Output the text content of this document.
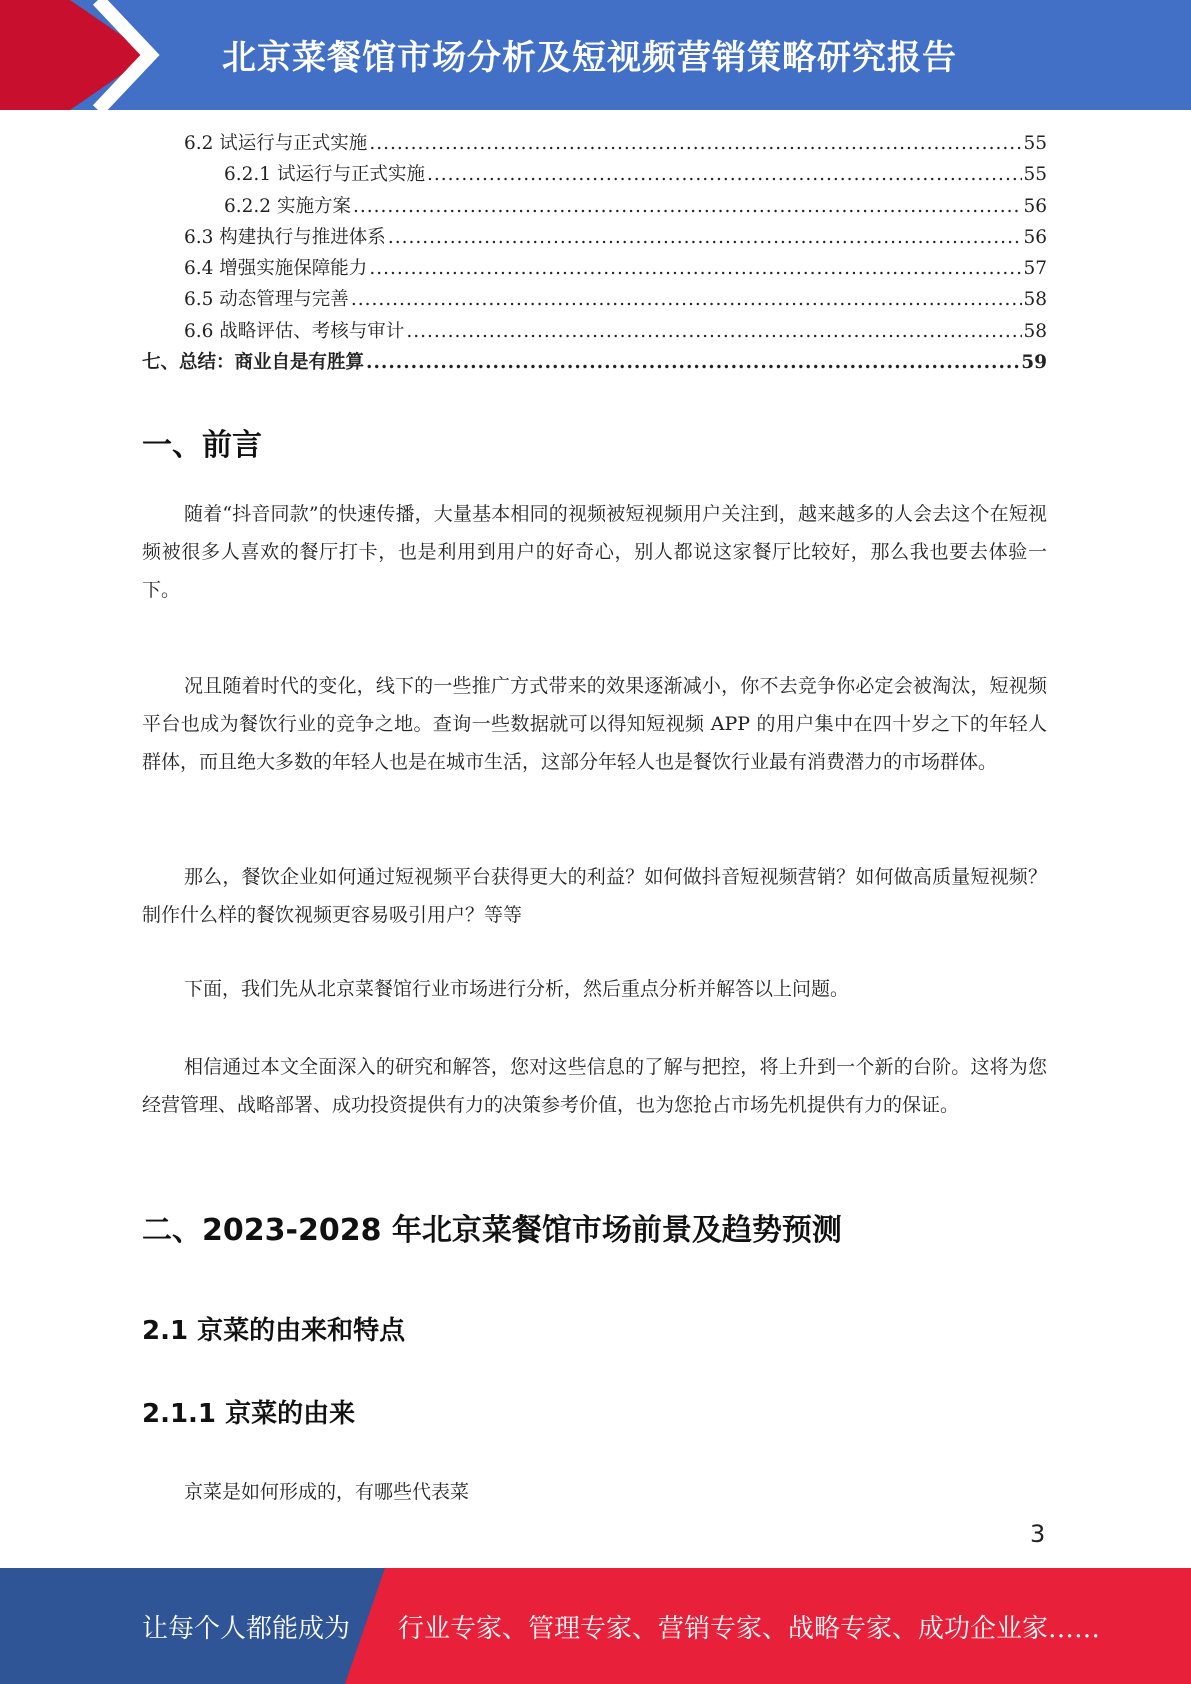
北京菜餐馆市场分析及短视频营销策略研究报告
6.2 试运行与正式实施 .....	55
6.2.1 试运行与正式实施 .....	55
6.2.2 实施方案 .....	56
6.3 构建执行与推进体系 .....	56
6.4 增强实施保障能力 .....	57
6.5 动态管理与完善 .....	58
6.6 战略评估、考核与审计 .....	58
七、总结：商业自是有胜算 .....	59
一、前言

随着“抖音同款”的快速传播，大量基本相同的视频被短视频用户关注到，越来越多的人会去这个在短视频被很多人喜欢的餐厅打卡，也是利用到用户的好奇心，别人都说这家餐厅比较好，那么我也要去体验一下。

况且随着时代的变化，线下的一些推广方式带来的效果逐渐减小，你不去竞争你必定会被淘汰，短视频平台也成为餐饮行业的竞争之地。查询一些数据就可以得知短视频 APP 的用户集中在四十岁之下的年轻人群体，而且绝大多数的年轻人也是在城市生活，这部分年轻人也是餐饮行业最有消费潜力的市场群体。

那么，餐饮企业如何通过短视频平台获得更大的利益？如何做抖音短视频营销？如何做高质量短视频？制作什么样的餐饮视频更容易吸引用户？等等

下面，我们先从北京菜餐馆行业市场进行分析，然后重点分析并解答以上问题。

相信通过本文全面深入的研究和解答，您对这些信息的了解与把控，将上升到一个新的台阶。这将为您经营管理、战略部署、成功投资提供有力的决策参考价值，也为您抢占市场先机提供有力的保证。

二、2023-2028 年北京菜餐馆市场前景及趋势预测
2.1 京菜的由来和特点
2.1.1 京菜的由来

京菜是如何形成的，有哪些代表菜

3
让每个人都能成为 行业专家、管理专家、营销专家、战略专家、成功企业家……
